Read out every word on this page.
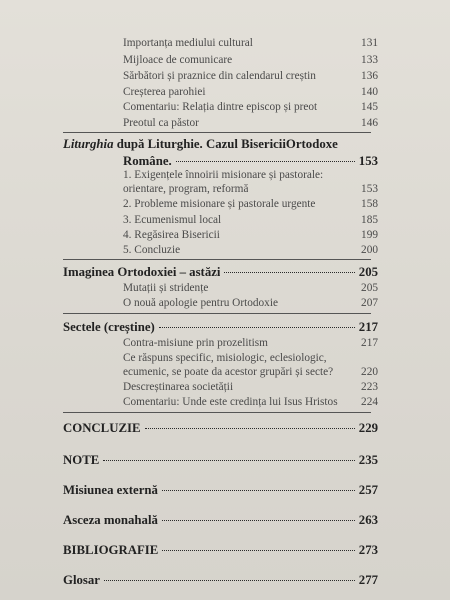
Importanța mediului cultural	131
Mijloace de comunicare	133
Sărbători și praznice din calendarul creștin	136
Creșterea parohiei	140
Comentariu: Relația dintre episcop și preot	145
Preotul ca păstor	146
Liturghia după Liturghie. Cazul BisericiiOrtodoxe
Române.	153
1. Exigențele înnoirii misionare și pastorale:
orientare, program, reformă	153
2. Probleme misionare și pastorale urgente	158
3. Ecumenismul local	185
4. Regăsirea Bisericii	199
5. Concluzie	200
Imaginea Ortodoxiei – astăzi	205
Mutații și stridențe	205
O nouă apologie pentru Ortodoxie	207
Sectele (creștine)	217
Contra-misiune prin prozelitism	217
Ce răspuns specific, misiologic, eclesiologic,
ecumenic, se poate da acestor grupări și secte? 220
Descreștinarea societății	223
Comentariu: Unde este credința lui Isus Hristos 224
CONCLUZIE	229
NOTE	235
Misiunea externă	257
Asceza monahală	263
BIBLIOGRAFIE	273
Glosar	277
